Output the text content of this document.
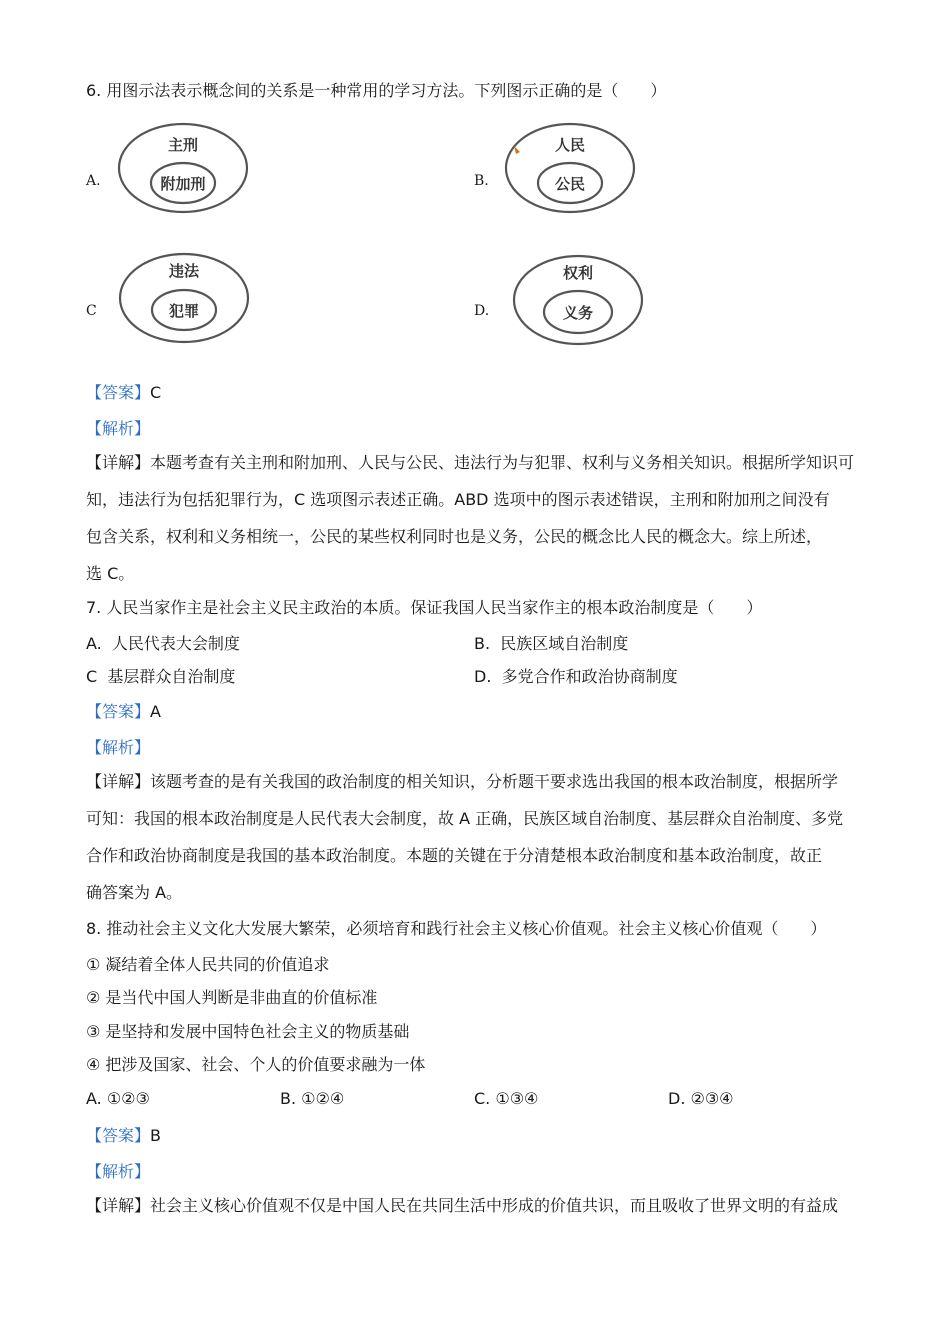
6. 用图示法表示概念间的关系是一种常用的学习方法。下列图示正确的是（　　）
A.
主刑
附加刑	B.
人民
公民
C
违法
犯罪	D.
权利
义务
【答案】C
【解析】
【详解】本题考查有关主刑和附加刑、人民与公民、违法行为与犯罪、权利与义务相关知识。根据所学知识可
知，违法行为包括犯罪行为，C 选项图示表述正确。ABD 选项中的图示表述错误，主刑和附加刑之间没有
包含关系，权利和义务相统一，公民的某些权利同时也是义务，公民的概念比人民的概念大。综上所述，
选 C。
7. 人民当家作主是社会主义民主政治的本质。保证我国人民当家作主的根本政治制度是（　　）
A. 人民代表大会制度	B. 民族区域自治制度
C 基层群众自治制度	D. 多党合作和政治协商制度
【答案】A
【解析】
【详解】该题考查的是有关我国的政治制度的相关知识，分析题干要求选出我国的根本政治制度，根据所学
可知：我国的根本政治制度是人民代表大会制度，故 A 正确，民族区域自治制度、基层群众自治制度、多党
合作和政治协商制度是我国的基本政治制度。本题的关键在于分清楚根本政治制度和基本政治制度，故正
确答案为 A。
8. 推动社会主义文化大发展大繁荣，必须培育和践行社会主义核心价值观。社会主义核心价值观（　　）
① 凝结着全体人民共同的价值追求
② 是当代中国人判断是非曲直的价值标准
③ 是坚持和发展中国特色社会主义的物质基础
④ 把涉及国家、社会、个人的价值要求融为一体
A. ①②③	B. ①②④	C. ①③④	D. ②③④
【答案】B
【解析】
【详解】社会主义核心价值观不仅是中国人民在共同生活中形成的价值共识，而且吸收了世界文明的有益成
